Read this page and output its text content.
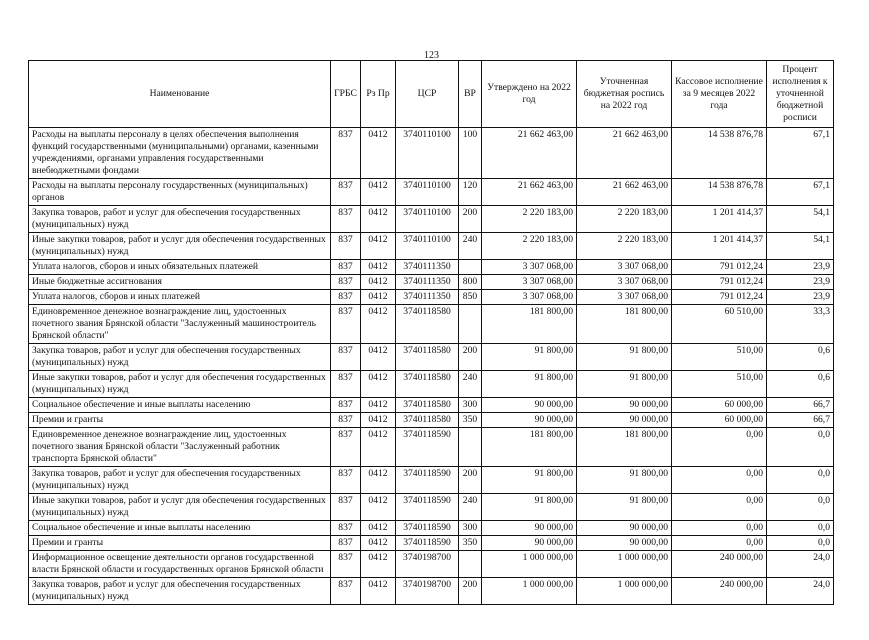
123
Наименование	ГРБС	Рз Пр	ЦСР	ВР	Утверждено на 2022 год	Уточненная бюджетная роспись на 2022 год	Кассовое исполнение за 9 месяцев 2022 года	Процент исполнения к уточненной бюджетной росписи
Расходы на выплаты персоналу в целях обеспечения выполнения функций государственными (муниципальными) органами, казенными учреждениями, органами управления государственными внебюджетными фондами	837	0412	3740110100	100	21 662 463,00	21 662 463,00	14 538 876,78	67,1
Расходы на выплаты персоналу государственных (муниципальных) органов	837	0412	3740110100	120	21 662 463,00	21 662 463,00	14 538 876,78	67,1
Закупка товаров, работ и услуг для обеспечения государственных (муниципальных) нужд	837	0412	3740110100	200	2 220 183,00	2 220 183,00	1 201 414,37	54,1
Иные закупки товаров, работ и услуг для обеспечения государственных (муниципальных) нужд	837	0412	3740110100	240	2 220 183,00	2 220 183,00	1 201 414,37	54,1
Уплата налогов, сборов и иных обязательных платежей	837	0412	3740111350		3 307 068,00	3 307 068,00	791 012,24	23,9
Иные бюджетные ассигнования	837	0412	3740111350	800	3 307 068,00	3 307 068,00	791 012,24	23,9
Уплата налогов, сборов и иных платежей	837	0412	3740111350	850	3 307 068,00	3 307 068,00	791 012,24	23,9
Единовременное денежное вознаграждение лиц, удостоенных почетного звания Брянской области "Заслуженный машиностроитель Брянской области"	837	0412	3740118580		181 800,00	181 800,00	60 510,00	33,3
Закупка товаров, работ и услуг для обеспечения государственных (муниципальных) нужд	837	0412	3740118580	200	91 800,00	91 800,00	510,00	0,6
Иные закупки товаров, работ и услуг для обеспечения государственных (муниципальных) нужд	837	0412	3740118580	240	91 800,00	91 800,00	510,00	0,6
Социальное обеспечение и иные выплаты населению	837	0412	3740118580	300	90 000,00	90 000,00	60 000,00	66,7
Премии и гранты	837	0412	3740118580	350	90 000,00	90 000,00	60 000,00	66,7
Единовременное денежное вознаграждение лиц, удостоенных почетного звания Брянской области "Заслуженный работник транспорта Брянской области"	837	0412	3740118590		181 800,00	181 800,00	0,00	0,0
Закупка товаров, работ и услуг для обеспечения государственных (муниципальных) нужд	837	0412	3740118590	200	91 800,00	91 800,00	0,00	0,0
Иные закупки товаров, работ и услуг для обеспечения государственных (муниципальных) нужд	837	0412	3740118590	240	91 800,00	91 800,00	0,00	0,0
Социальное обеспечение и иные выплаты населению	837	0412	3740118590	300	90 000,00	90 000,00	0,00	0,0
Премии и гранты	837	0412	3740118590	350	90 000,00	90 000,00	0,00	0,0
Информационное освещение деятельности органов государственной власти Брянской области и государственных органов Брянской области	837	0412	3740198700		1 000 000,00	1 000 000,00	240 000,00	24,0
Закупка товаров, работ и услуг для обеспечения государственных (муниципальных) нужд	837	0412	3740198700	200	1 000 000,00	1 000 000,00	240 000,00	24,0
